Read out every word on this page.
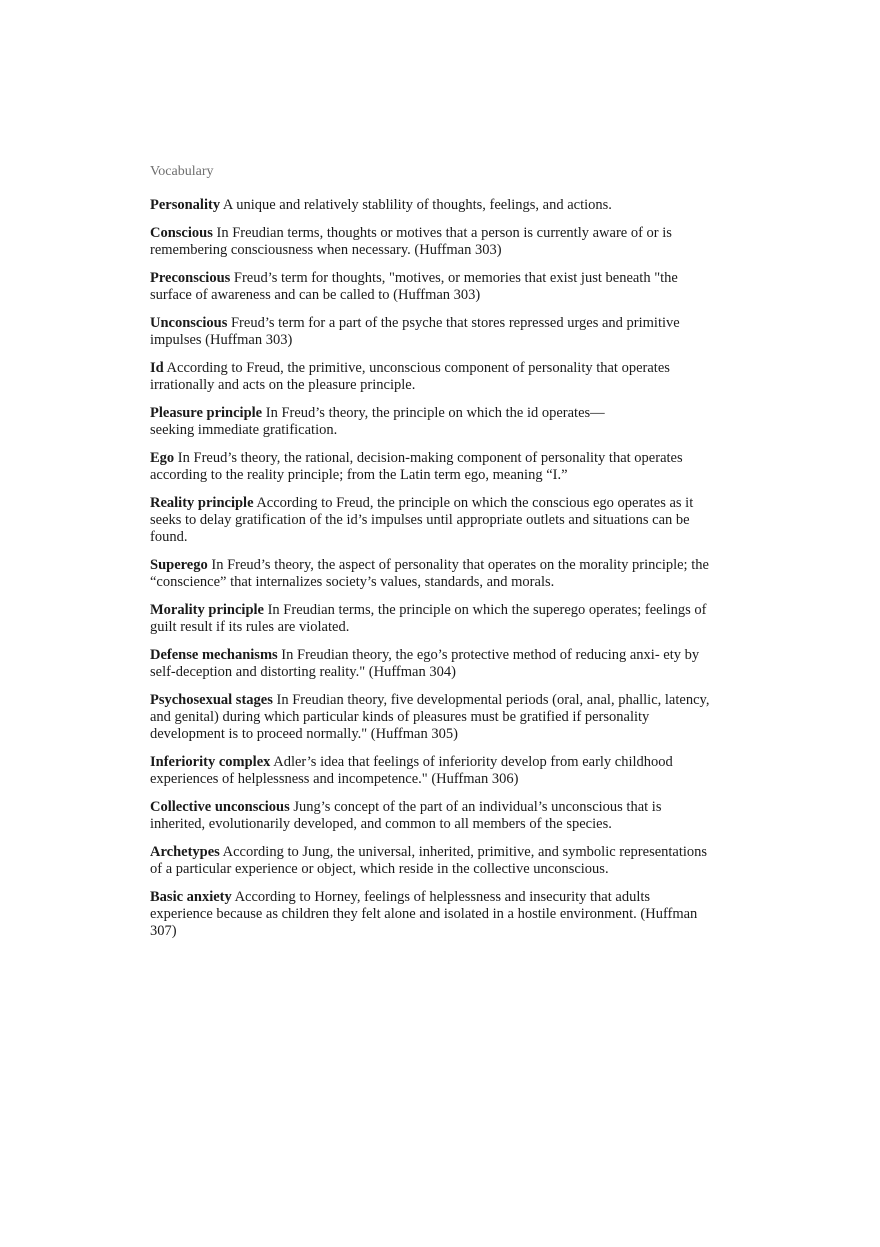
Vocabulary
Personality A unique and relatively stablility of thoughts, feelings, and actions.
Conscious In Freudian terms, thoughts or motives that a person is currently aware of or is
remembering consciousness when necessary. (Huffman 303)
Preconscious Freud’s term for thoughts, "motives, or memories that exist just beneath "the
surface of awareness and can be called to (Huffman 303)
Unconscious Freud’s term for a part of the psyche that stores repressed urges and primitive
impulses (Huffman 303)
Id According to Freud, the primitive, unconscious component of personality that operates
irrationally and acts on the pleasure principle.
Pleasure principle In Freud’s theory, the principle on which the id operates—
seeking immediate gratification.
Ego In Freud’s theory, the rational, decision-making component of personality that operates
according to the reality principle; from the Latin term ego, meaning “I.”
Reality principle According to Freud, the principle on which the conscious ego operates as it
seeks to delay gratification of the id’s impulses until appropriate outlets and situations can be
found.
Superego In Freud’s theory, the aspect of personality that operates on the morality principle; the
“conscience” that internalizes society’s values, standards, and morals.
Morality principle In Freudian terms, the principle on which the superego operates; feelings of
guilt result if its rules are violated.
Defense mechanisms In Freudian theory, the ego’s protective method of reducing anxi- ety by
self-deception and distorting reality." (Huffman 304)
Psychosexual stages In Freudian theory, five developmental periods (oral, anal, phallic, latency,
and genital) during which particular kinds of pleasures must be gratified if personality
development is to proceed normally." (Huffman 305)
Inferiority complex Adler’s idea that feelings of inferiority develop from early childhood
experiences of helplessness and incompetence." (Huffman 306)
Collective unconscious Jung’s concept of the part of an individual’s unconscious that is
inherited, evolutionarily developed, and common to all members of the species.
Archetypes According to Jung, the universal, inherited, primitive, and symbolic representations
of a particular experience or object, which reside in the collective unconscious.
Basic anxiety According to Horney, feelings of helplessness and insecurity that adults
experience because as children they felt alone and isolated in a hostile environment. (Huffman
307)
